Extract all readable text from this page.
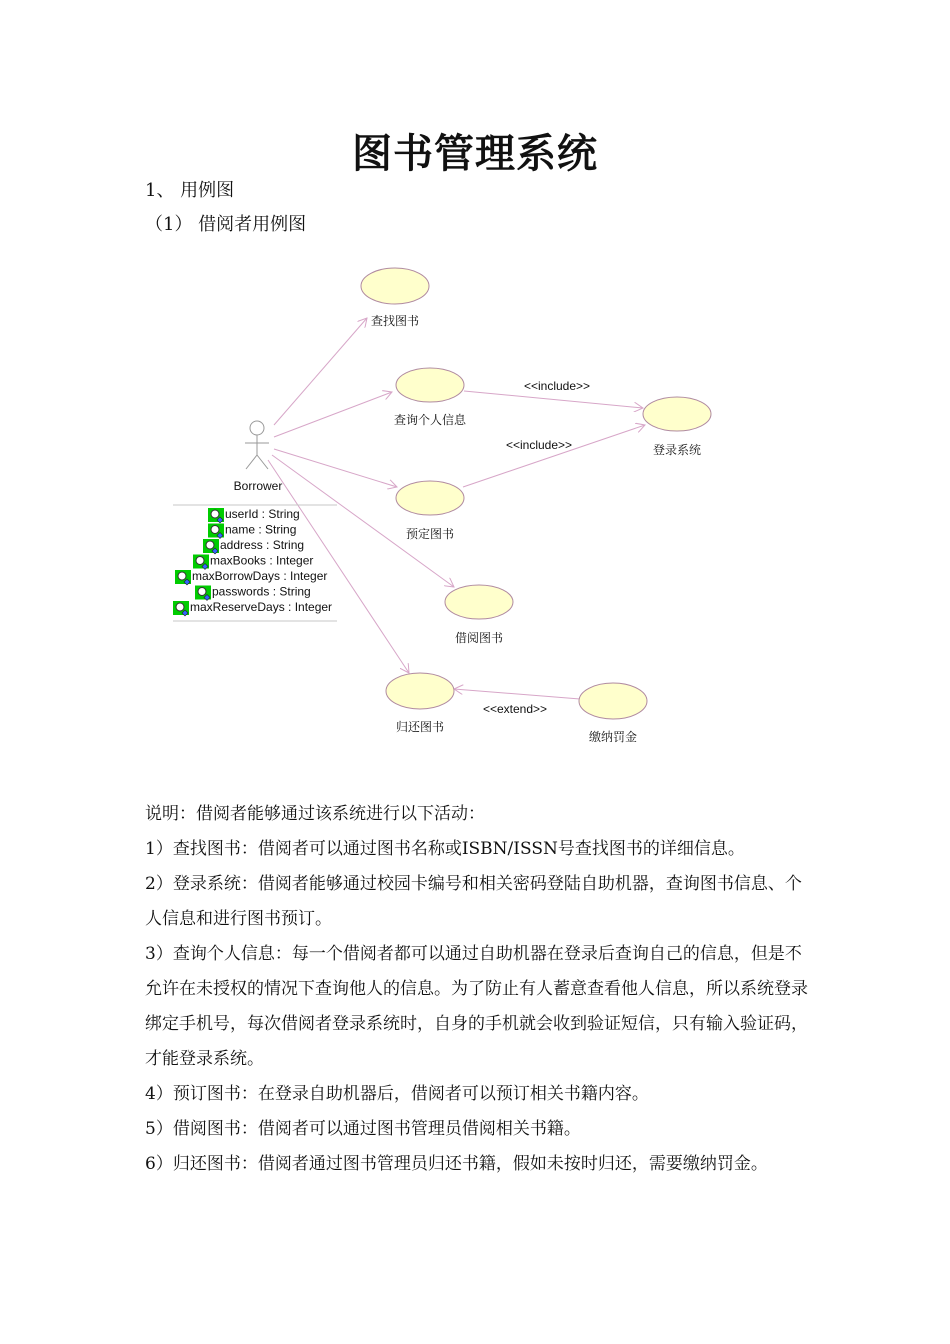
图书管理系统
1、 用例图
（1） 借阅者用例图
Borrower
userId : String
name : String
address : String
maxBooks : Integer
maxBorrowDays : Integer
passwords : String
maxReserveDays : Integer
查找图书
查询个人信息
登录系统
预定图书
借阅图书
归还图书
缴纳罚金
<<include>>
<<include>>
<<extend>>

说明：借阅者能够通过该系统进行以下活动：

1）查找图书：借阅者可以通过图书名称或ISBN/ISSN号查找图书的详细信息。

2）登录系统：借阅者能够通过校园卡编号和相关密码登陆自助机器，查询图书信息、个人信息和进行图书预订。

3）查询个人信息：每一个借阅者都可以通过自助机器在登录后查询自己的信息，但是不允许在未授权的情况下查询他人的信息。为了防止有人蓄意查看他人信息，所以系统登录绑定手机号，每次借阅者登录系统时，自身的手机就会收到验证短信，只有输入验证码，才能登录系统。

4）预订图书：在登录自助机器后，借阅者可以预订相关书籍内容。

5）借阅图书：借阅者可以通过图书管理员借阅相关书籍。

6）归还图书：借阅者通过图书管理员归还书籍，假如未按时归还，需要缴纳罚金。
